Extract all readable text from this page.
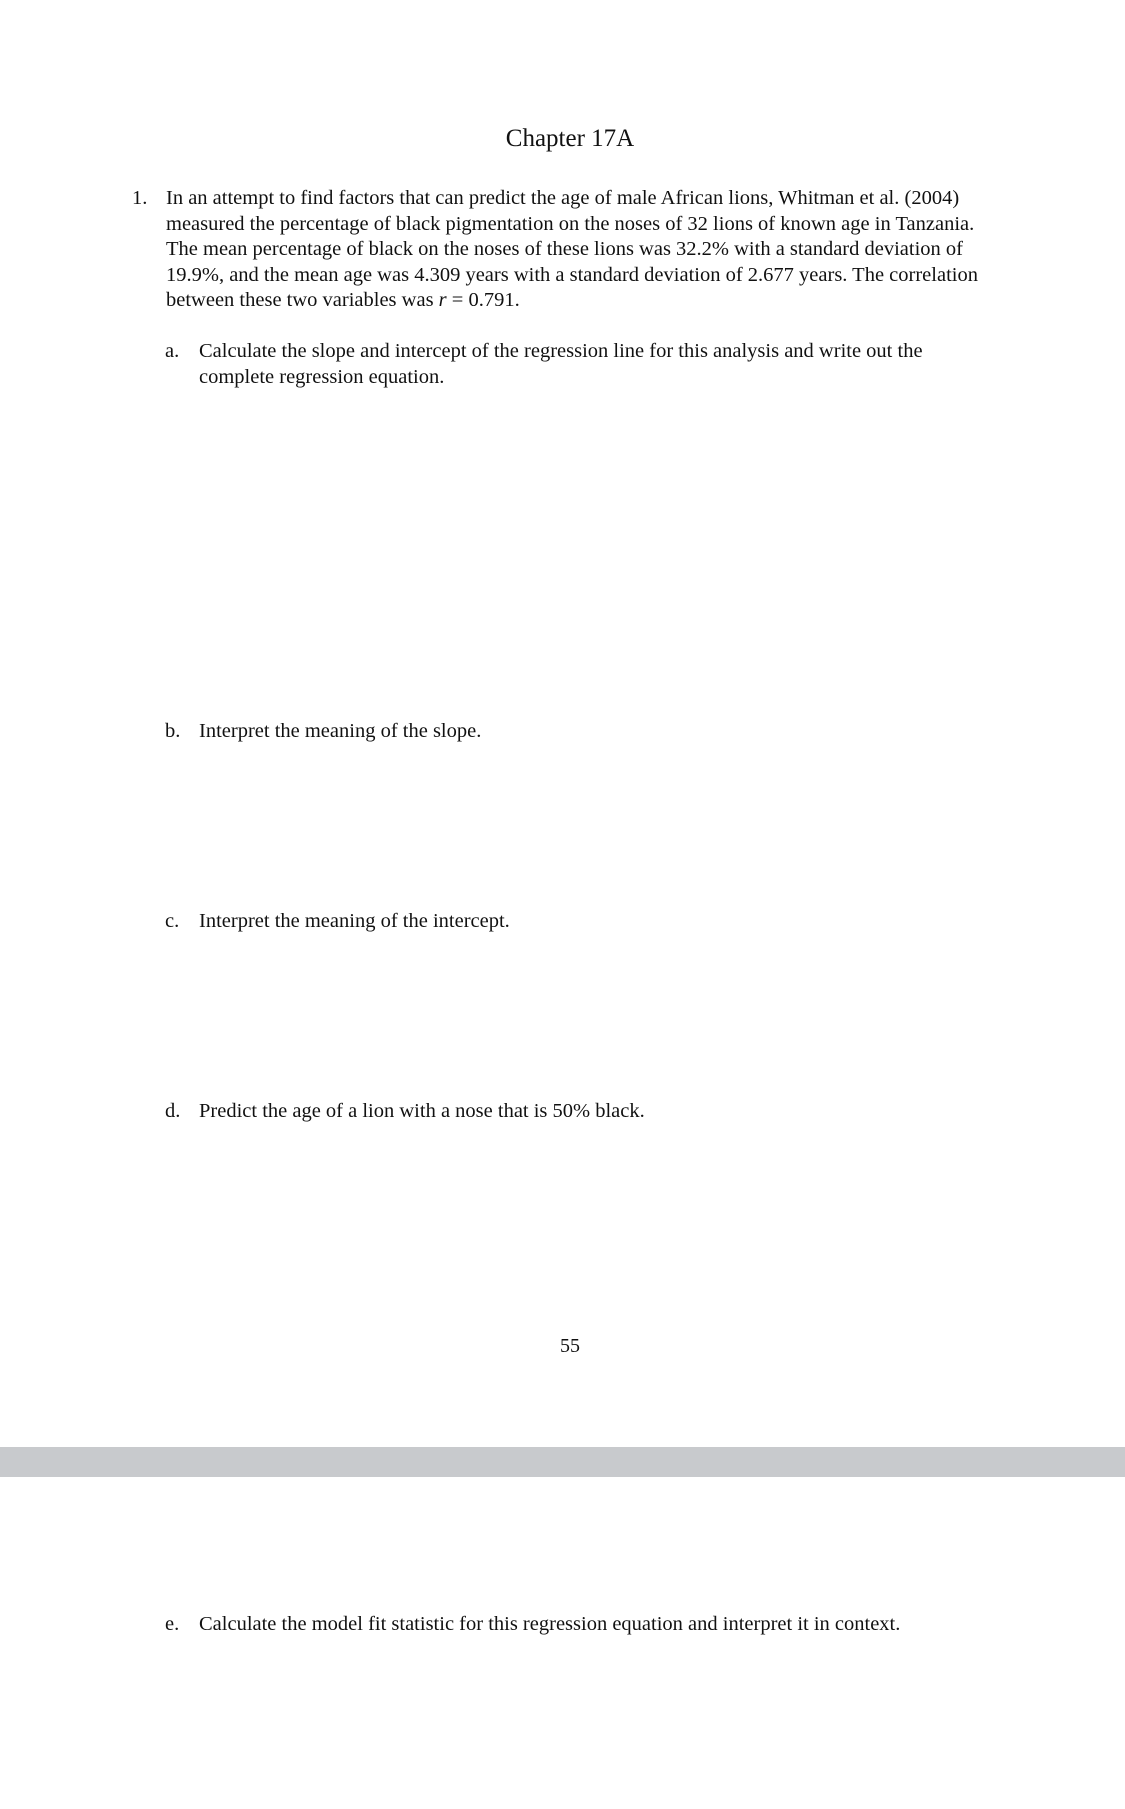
Chapter 17A
1. In an attempt to find factors that can predict the age of male African lions, Whitman et al. (2004) measured the percentage of black pigmentation on the noses of 32 lions of known age in Tanzania. The mean percentage of black on the noses of these lions was 32.2% with a standard deviation of 19.9%, and the mean age was 4.309 years with a standard deviation of 2.677 years. The correlation between these two variables was r = 0.791.
a. Calculate the slope and intercept of the regression line for this analysis and write out the complete regression equation.
b. Interpret the meaning of the slope.
c. Interpret the meaning of the intercept.
d. Predict the age of a lion with a nose that is 50% black.
55
e. Calculate the model fit statistic for this regression equation and interpret it in context.
